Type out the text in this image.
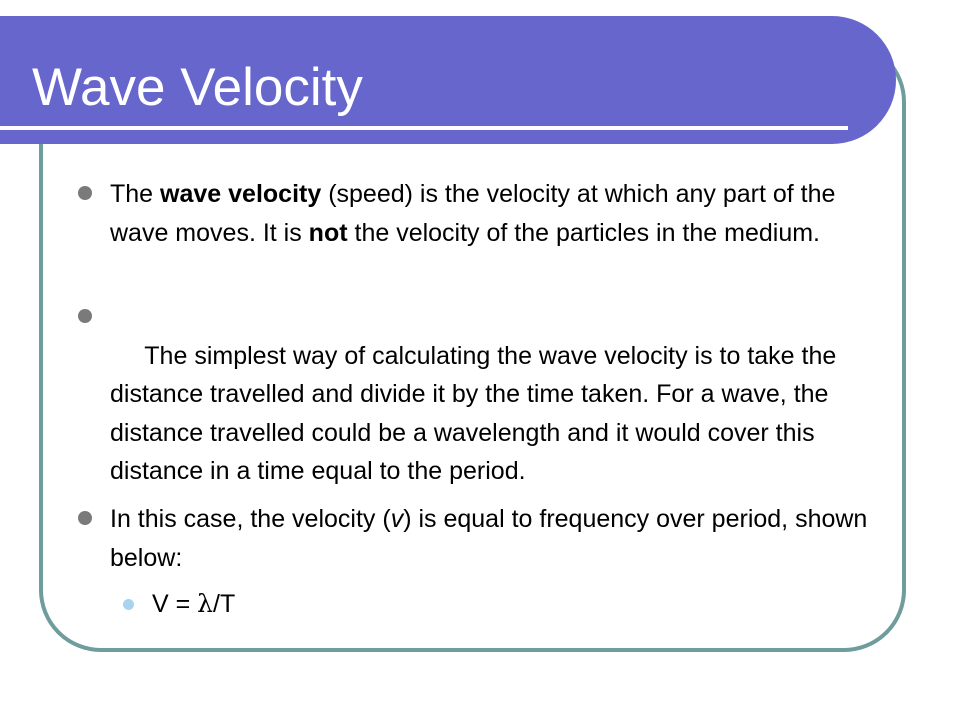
Wave Velocity
The wave velocity (speed) is the velocity at which any part of the wave moves. It is not the velocity of the particles in the medium.

The simplest way of calculating the wave velocity is to take the distance travelled and divide it by the time taken. For a wave, the distance travelled could be a wavelength and it would cover this distance in a time equal to the period.

In this case, the velocity (v) is equal to frequency over period, shown below:
V = λ/T
